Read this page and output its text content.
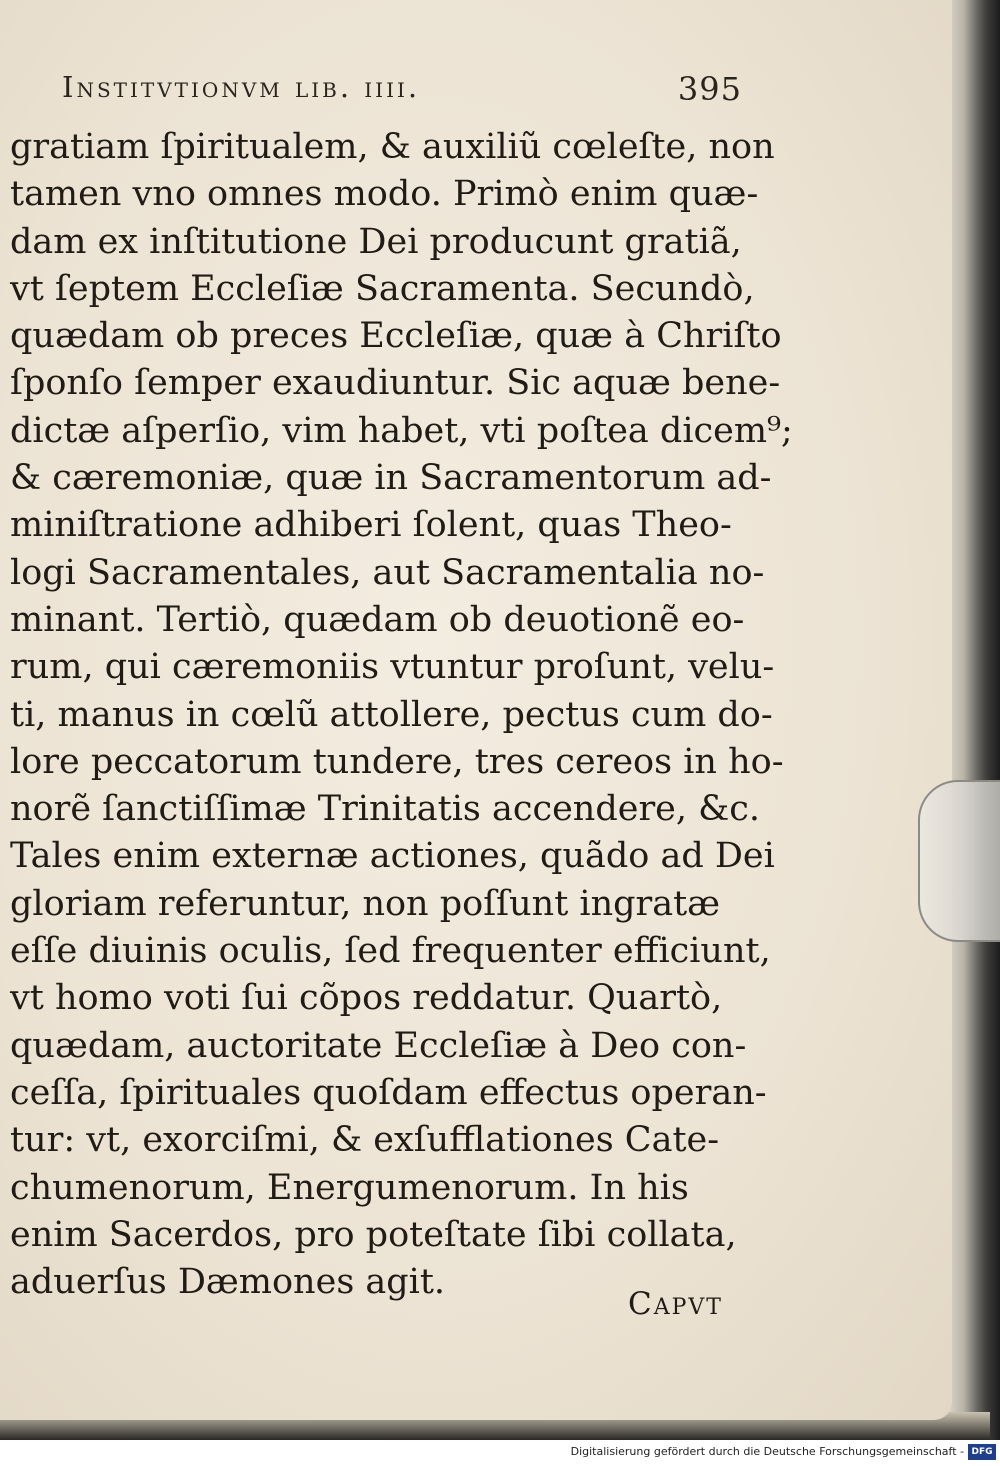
Institvtionvm lib. iiii.	395
gratiam ſpiritualem, & auxiliũ cœleſte, non
tamen vno omnes modo. Primò enim quæ-
dam ex inſtitutione Dei producunt gratiã,
vt ſeptem Eccleſiæ Sacramenta. Secundò,
quædam ob preces Eccleſiæ, quæ à Chriſto
ſponſo ſemper exaudiuntur. Sic aquæ bene-
dictæ aſperſio, vim habet, vti poſtea dicem⁹;
& cæremoniæ, quæ in Sacramentorum ad-
miniſtratione adhiberi ſolent, quas Theo-
logi Sacramentales, aut Sacramentalia no-
minant. Tertiò, quædam ob deuotionẽ eo-
rum, qui cæremoniis vtuntur proſunt, velu-
ti, manus in cœlũ attollere, pectus cum do-
lore peccatorum tundere, tres cereos in ho-
norẽ ſanctiſſimæ Trinitatis accendere, &c.
Tales enim externæ actiones, quãdo ad Dei
gloriam referuntur, non poſſunt ingratæ
eſſe diuinis oculis, ſed frequenter efficiunt,
vt homo voti ſui cõpos reddatur. Quartò,
quædam, auctoritate Eccleſiæ à Deo con-
ceſſa, ſpirituales quoſdam effectus operan-
tur: vt, exorciſmi, & exſufflationes Cate-
chumenorum, Energumenorum. In his
enim Sacerdos, pro poteſtate ſibi collata,
aduerſus Dæmones agit.
Capvt
Digitalisierung gefördert durch die Deutsche Forschungsgemeinschaft - DFG
